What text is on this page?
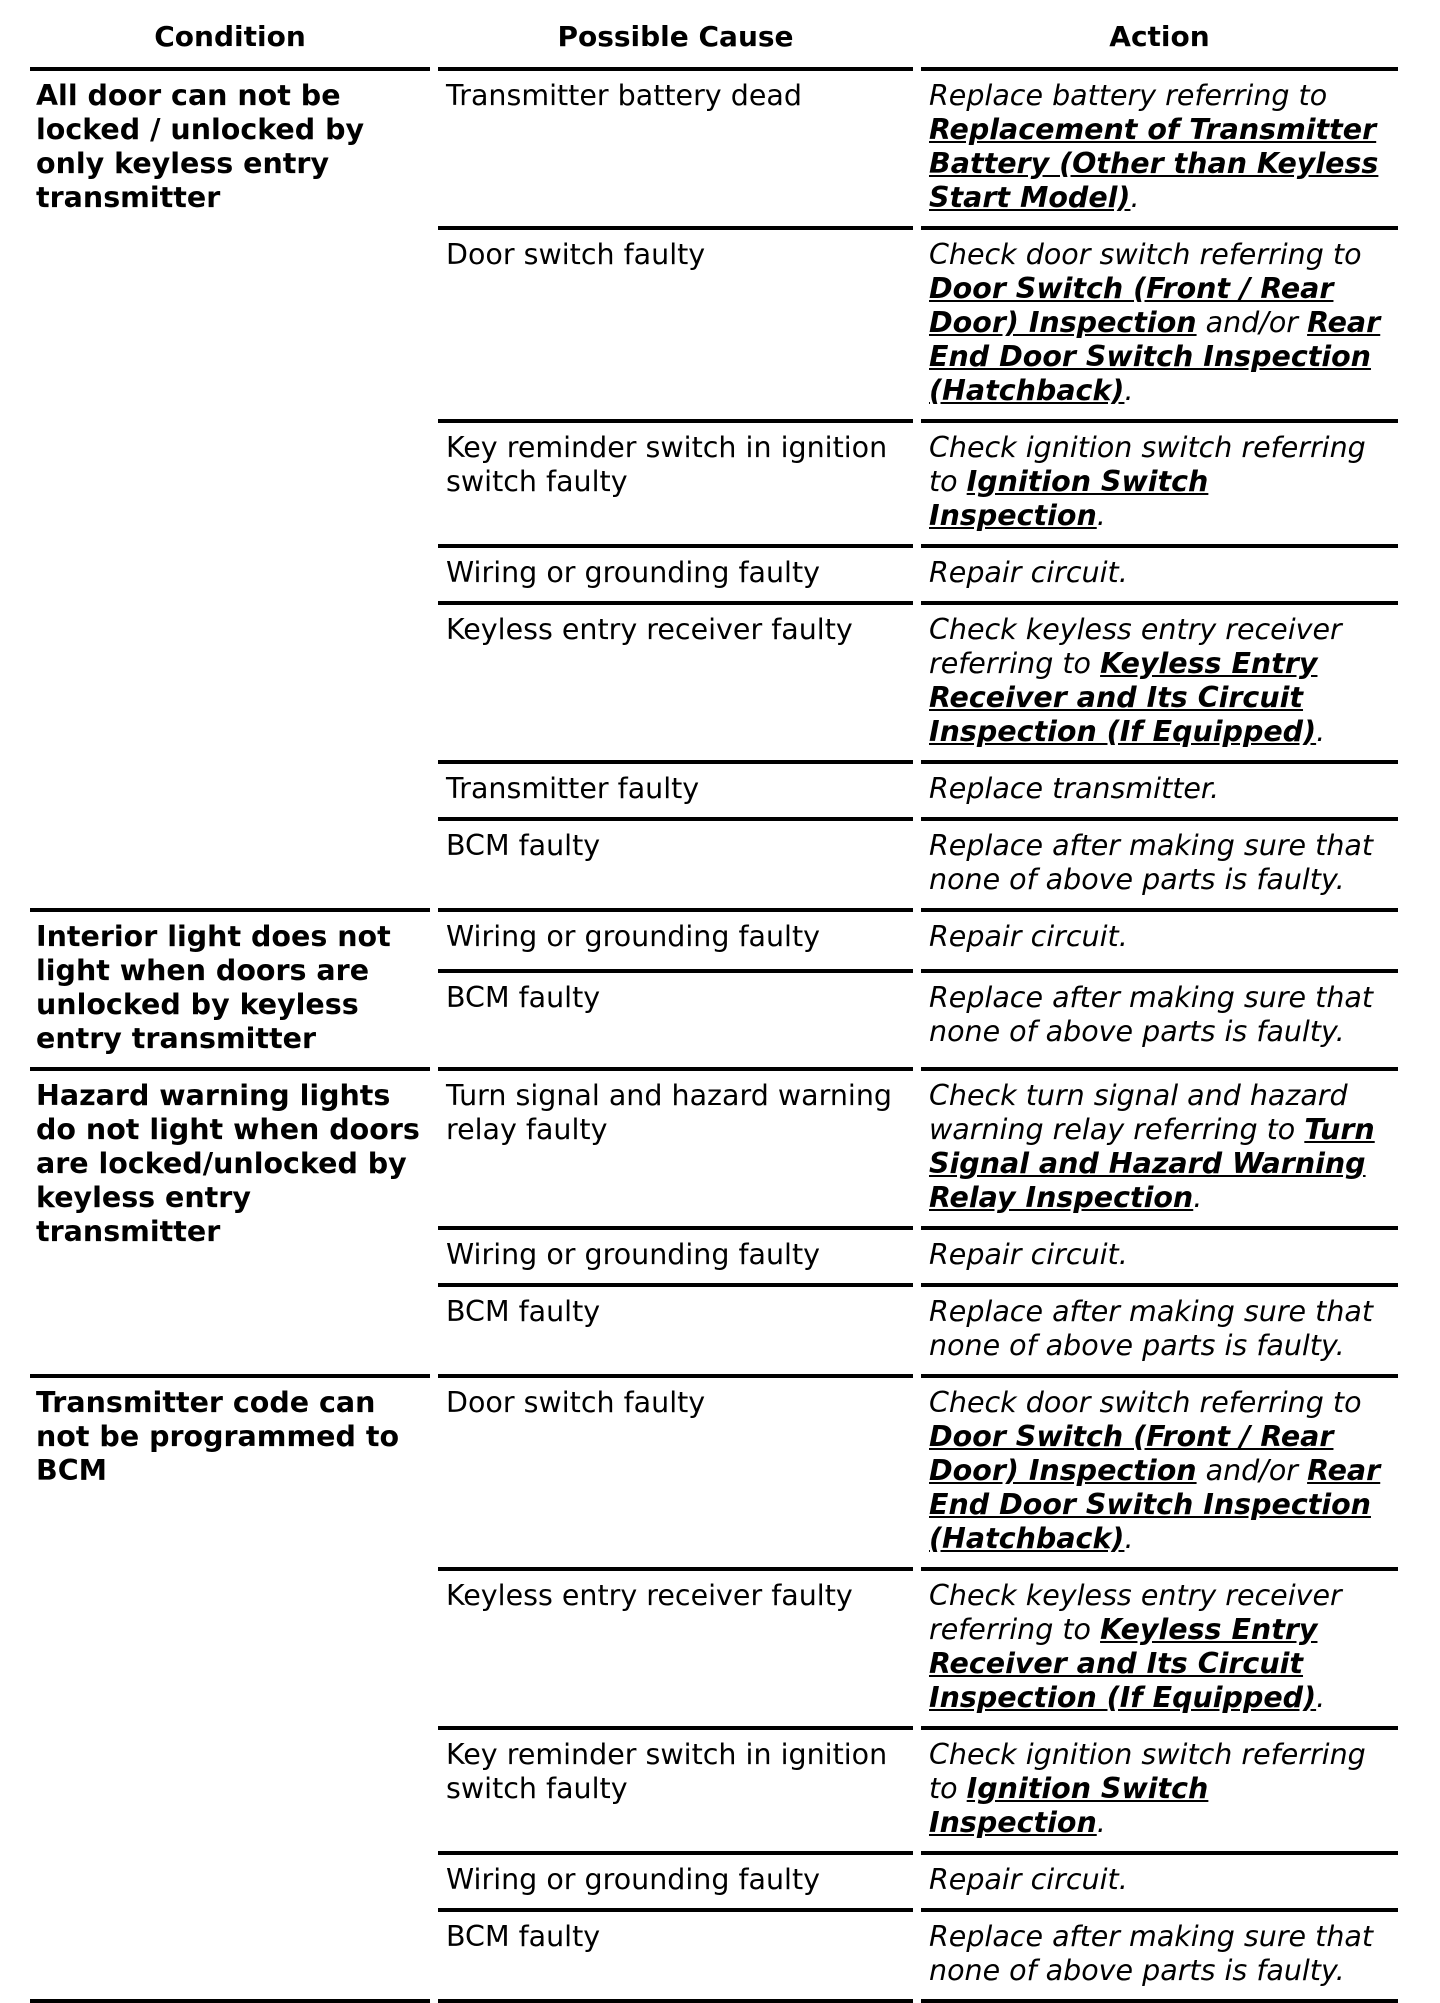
Condition	Possible Cause	Action
All door can not be locked / unlocked by only keyless entry transmitter	Transmitter battery dead	Replace battery referring to Replacement of Transmitter Battery (Other than Keyless Start Model).
	Door switch faulty	Check door switch referring to Door Switch (Front / Rear Door) Inspection and/or Rear End Door Switch Inspection (Hatchback).
	Key reminder switch in ignition switch faulty	Check ignition switch referring to Ignition Switch Inspection.
	Wiring or grounding faulty	Repair circuit.
	Keyless entry receiver faulty	Check keyless entry receiver referring to Keyless Entry Receiver and Its Circuit Inspection (If Equipped).
	Transmitter faulty	Replace transmitter.
	BCM faulty	Replace after making sure that none of above parts is faulty.
Interior light does not light when doors are unlocked by keyless entry transmitter	Wiring or grounding faulty	Repair circuit.
	BCM faulty	Replace after making sure that none of above parts is faulty.
Hazard warning lights do not light when doors are locked/unlocked by keyless entry transmitter	Turn signal and hazard warning relay faulty	Check turn signal and hazard warning relay referring to Turn Signal and Hazard Warning Relay Inspection.
	Wiring or grounding faulty	Repair circuit.
	BCM faulty	Replace after making sure that none of above parts is faulty.
Transmitter code can not be programmed to BCM	Door switch faulty	Check door switch referring to Door Switch (Front / Rear Door) Inspection and/or Rear End Door Switch Inspection (Hatchback).
	Keyless entry receiver faulty	Check keyless entry receiver referring to Keyless Entry Receiver and Its Circuit Inspection (If Equipped).
	Key reminder switch in ignition switch faulty	Check ignition switch referring to Ignition Switch Inspection.
	Wiring or grounding faulty	Repair circuit.
	BCM faulty	Replace after making sure that none of above parts is faulty.
